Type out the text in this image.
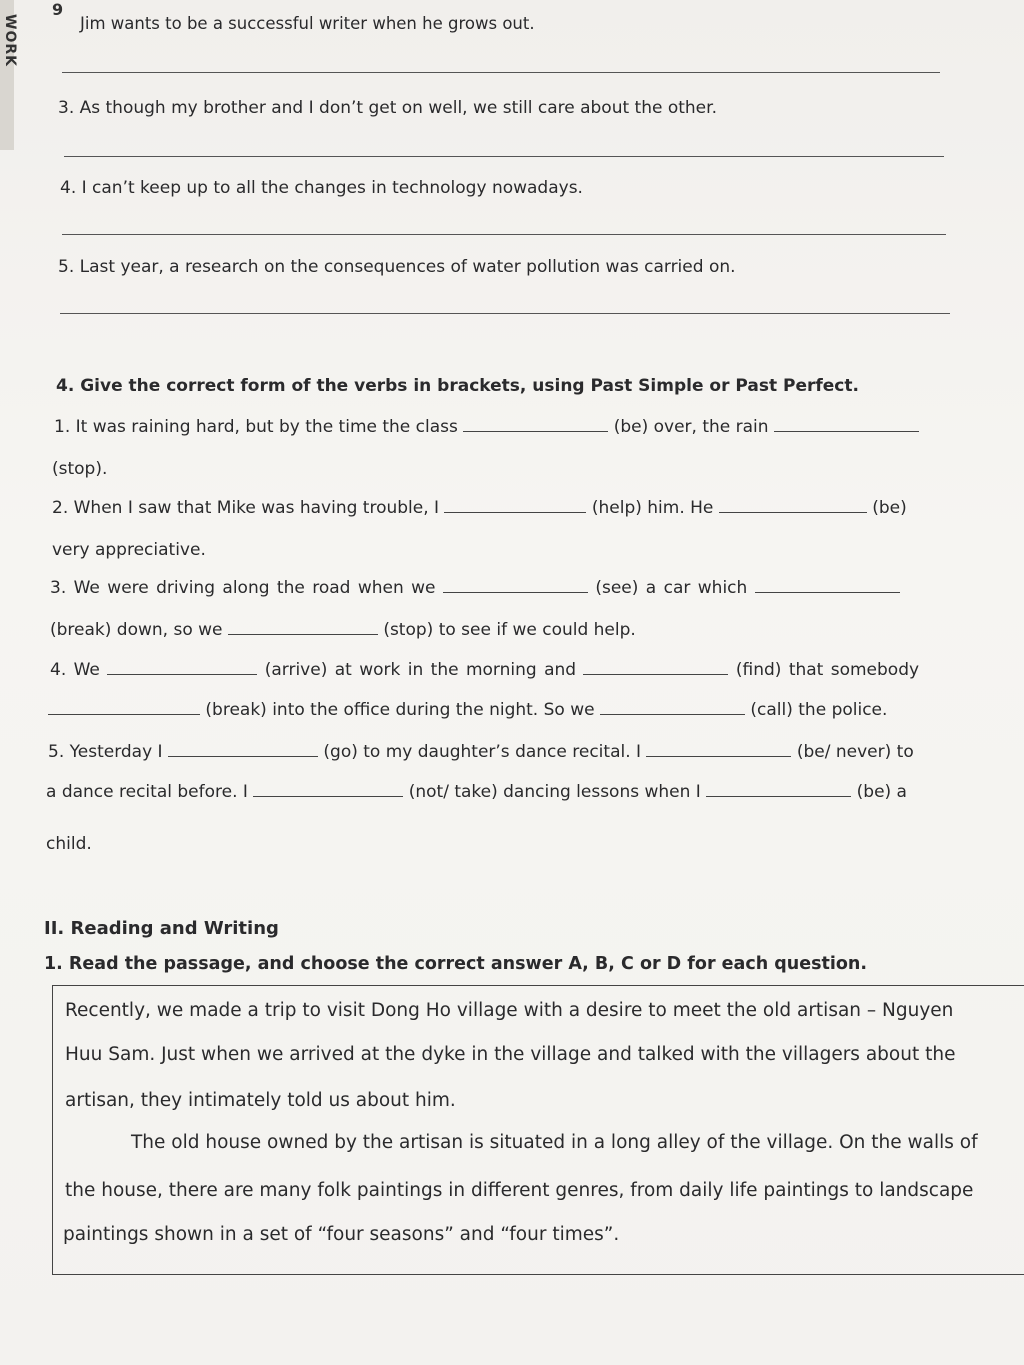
WORK
9
Jim wants to be a successful writer when he grows out.
3. As though my brother and I don’t get on well, we still care about the other.
4. I can’t keep up to all the changes in technology nowadays.
5. Last year, a research on the consequences of water pollution was carried on.
4. Give the correct form of the verbs in brackets, using Past Simple or Past Perfect.
1. It was raining hard, but by the time the class	(be) over, the rain
(stop).
2. When I saw that Mike was having trouble, I	(help) him. He	(be)
very appreciative.
3. We were driving along the road when we	(see) a car which
(break) down, so we	(stop) to see if we could help.
4. We	(arrive) at work in the morning and	(find) that somebody
(break) into the office during the night. So we	(call) the police.
5. Yesterday I	(go) to my daughter’s dance recital. I	(be/ never) to
a dance recital before. I	(not/ take) dancing lessons when I	(be) a
child.
II. Reading and Writing
1. Read the passage, and choose the correct answer A, B, C or D for each question.
Recently, we made a trip to visit Dong Ho village with a desire to meet the old artisan – Nguyen
Huu Sam. Just when we arrived at the dyke in the village and talked with the villagers about the
artisan, they intimately told us about him.
The old house owned by the artisan is situated in a long alley of the village. On the walls of
the house, there are many folk paintings in different genres, from daily life paintings to landscape
paintings shown in a set of “four seasons” and “four times”.
